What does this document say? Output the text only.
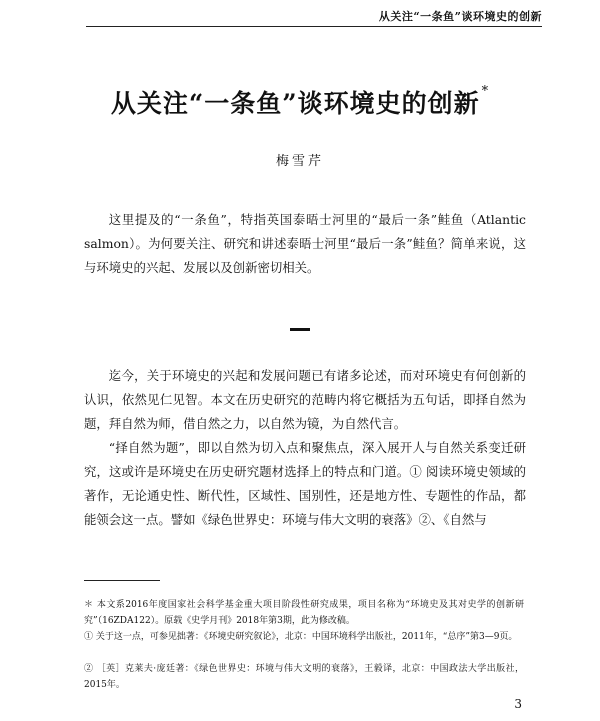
从关注“一条鱼”谈环境史的创新
从关注“一条鱼”谈环境史的创新 *
梅雪芹
这里提及的“一条鱼”，特指英国泰晤士河里的“最后一条”鲑鱼（Atlantic salmon）。为何要关注、研究和讲述泰晤士河里“最后一条”鲑鱼？简单来说，这与环境史的兴起、发展以及创新密切相关。
迄今，关于环境史的兴起和发展问题已有诸多论述，而对环境史有何创新的认识，依然见仁见智。本文在历史研究的范畴内将它概括为五句话，即择自然为题，拜自然为师，借自然之力，以自然为镜，为自然代言。
“择自然为题”，即以自然为切入点和聚焦点，深入展开人与自然关系变迁研究，这或许是环境史在历史研究题材选择上的特点和门道。① 阅读环境史领域的著作，无论通史性、断代性，区域性、国别性，还是地方性、专题性的作品，都能领会这一点。譬如《绿色世界史：环境与伟大文明的衰落》②、《自然与
＊ 本文系2016年度国家社会科学基金重大项目阶段性研究成果，项目名称为“环境史及其对史学的创新研究”（16ZDA122）。原载《史学月刊》2018年第3期，此为修改稿。
① 关于这一点，可参见拙著：《环境史研究叙论》，北京：中国环境科学出版社，2011年，“总序”第3—9页。
② ［英］克莱夫·庞廷著：《绿色世界史：环境与伟大文明的衰落》，王毅译，北京：中国政法大学出版社，2015年。
3
